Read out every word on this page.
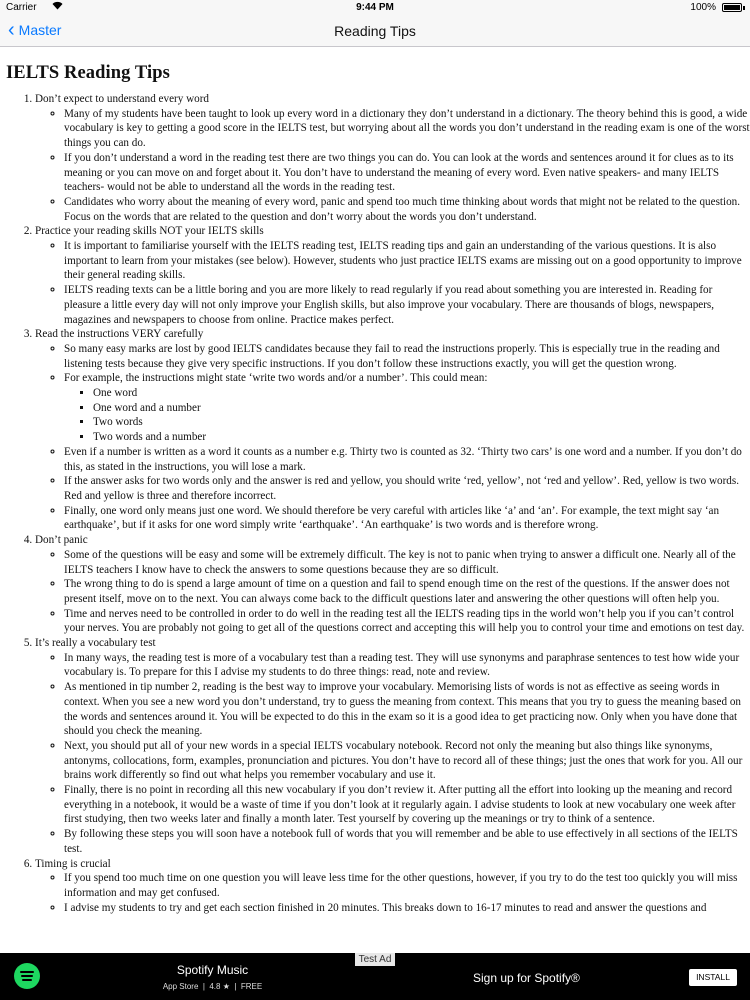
Carrier	9:44 PM	100%
‹ Master	Reading Tips
IELTS Reading Tips
1. Don’t expect to understand every word
◦ Many of my students have been taught to look up every word in a dictionary they don’t understand in a dictionary. The theory behind this is good, a wide vocabulary is key to getting a good score in the IELTS test, but worrying about all the words you don’t understand in the reading exam is one of the worst things you can do.
◦ If you don’t understand a word in the reading test there are two things you can do. You can look at the words and sentences around it for clues as to its meaning or you can move on and forget about it. You don’t have to understand the meaning of every word. Even native speakers- and many IELTS teachers- would not be able to understand all the words in the reading test.
◦ Candidates who worry about the meaning of every word, panic and spend too much time thinking about words that might not be related to the question. Focus on the words that are related to the question and don’t worry about the words you don’t understand.
2. Practice your reading skills NOT your IELTS skills
◦ It is important to familiarise yourself with the IELTS reading test, IELTS reading tips and gain an understanding of the various questions. It is also important to learn from your mistakes (see below). However, students who just practice IELTS exams are missing out on a good opportunity to improve their general reading skills.
◦ IELTS reading texts can be a little boring and you are more likely to read regularly if you read about something you are interested in. Reading for pleasure a little every day will not only improve your English skills, but also improve your vocabulary. There are thousands of blogs, newspapers, magazines and newspapers to choose from online. Practice makes perfect.
3. Read the instructions VERY carefully
◦ So many easy marks are lost by good IELTS candidates because they fail to read the instructions properly. This is especially true in the reading and listening tests because they give very specific instructions. If you don’t follow these instructions exactly, you will get the question wrong.
◦ For example, the instructions might state ‘write two words and/or a number’. This could mean:
▪ One word
▪ One word and a number
▪ Two words
▪ Two words and a number
◦ Even if a number is written as a word it counts as a number e.g. Thirty two is counted as 32. ‘Thirty two cars’ is one word and a number. If you don’t do this, as stated in the instructions, you will lose a mark.
◦ If the answer asks for two words only and the answer is red and yellow, you should write ‘red, yellow’, not ‘red and yellow’. Red, yellow is two words. Red and yellow is three and therefore incorrect.
◦ Finally, one word only means just one word. We should therefore be very careful with articles like ‘a’ and ‘an’. For example, the text might say ‘an earthquake’, but if it asks for one word simply write ‘earthquake’. ‘An earthquake’ is two words and is therefore wrong.
4. Don’t panic
◦ Some of the questions will be easy and some will be extremely difficult. The key is not to panic when trying to answer a difficult one. Nearly all of the IELTS teachers I know have to check the answers to some questions because they are so difficult.
◦ The wrong thing to do is spend a large amount of time on a question and fail to spend enough time on the rest of the questions. If the answer does not present itself, move on to the next. You can always come back to the difficult questions later and answering the other questions will often help you.
◦ Time and nerves need to be controlled in order to do well in the reading test all the IELTS reading tips in the world won’t help you if you can’t control your nerves. You are probably not going to get all of the questions correct and accepting this will help you to control your time and emotions on test day.
5. It’s really a vocabulary test
◦ In many ways, the reading test is more of a vocabulary test than a reading test. They will use synonyms and paraphrase sentences to test how wide your vocabulary is. To prepare for this I advise my students to do three things: read, note and review.
◦ As mentioned in tip number 2, reading is the best way to improve your vocabulary. Memorising lists of words is not as effective as seeing words in context. When you see a new word you don’t understand, try to guess the meaning from context. This means that you try to guess the meaning based on the words and sentences around it. You will be expected to do this in the exam so it is a good idea to get practicing now. Only when you have done that should you check the meaning.
◦ Next, you should put all of your new words in a special IELTS vocabulary notebook. Record not only the meaning but also things like synonyms, antonyms, collocations, form, examples, pronunciation and pictures. You don’t have to record all of these things; just the ones that work for you. All our brains work differently so find out what helps you remember vocabulary and use it.
◦ Finally, there is no point in recording all this new vocabulary if you don’t review it. After putting all the effort into looking up the meaning and record everything in a notebook, it would be a waste of time if you don’t look at it regularly again. I advise students to look at new vocabulary one week after first studying, then two weeks later and finally a month later. Test yourself by covering up the meanings or try to think of a sentence.
◦ By following these steps you will soon have a notebook full of words that you will remember and be able to use effectively in all sections of the IELTS test.
6. Timing is crucial
◦ If you spend too much time on one question you will leave less time for the other questions, however, if you try to do the test too quickly you will miss information and may get confused.
◦ I advise my students to try and get each section finished in 20 minutes. This breaks down to 16-17 minutes to read and answer the questions and
Test Ad
Spotify Music
App Store  |  4.8 ★  |  FREE
Sign up for Spotify®	INSTALL
